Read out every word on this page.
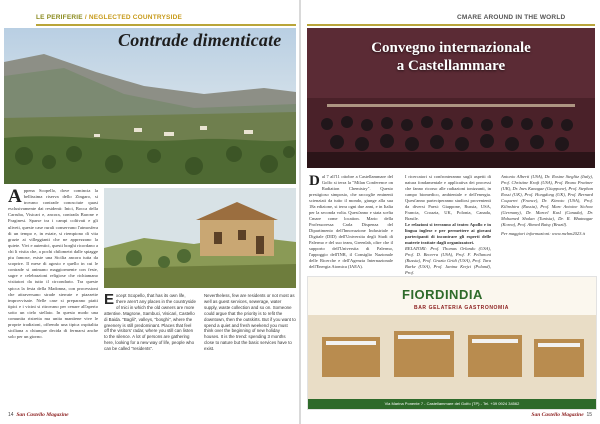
LE PERIFERIE / NEGLECTED COUNTRYSIDE
Contrade dimenticate

Appena Scopello, dove comincia la bellissima riserva dello Zingaro, si trovano contrade conosciute quasi esclusivamente dai residenti: Inici, Bocca della Carruba, Visicari e, ancora, contrada Barone e Fraginesi. Sparse tra i campi coltivati e gli uliveti, queste case rurali conservano l'atmosfera di un tempo e, in estate, si riempiono di vita grazie ai villeggianti che ne apprezzano la quiete. Vivi e autentici, questi borghi ricordano a chi li visita che, a pochi chilometri dalle spiagge piu famose, esiste una Sicilia ancora tutta da scoprire. Il mese di agosto e quello in cui le contrade si animano maggiormente con feste, sagre e celebrazioni religiose che richiamano visitatori da tutto il circondario. Tra queste spicca la festa della Madonna, con processioni che attraversano strade sterrate e piazzette improvvisate. Nelle case si preparano piatti tipici e i vicini si ritrovano per cenare all'aperto sotto un cielo stellato. In questo modo una comunita ristretta ma unita mantiene vive le proprie tradizioni, offrendo una tipica ospitalita siciliana a chiunque decida di fermarsi anche solo per un giorno.

Except Scopello, that has its own life, there aren't any places in the countryside of Inici in which the old owners are more attentive. Magrone, Sambuci, Visicari, Castello di Baida. "Baglii", valleys, "bosghi", where the greenery is still predominant. Places that feel off the visitors' radar, where you still can listen to the silence. A lot of persons are gathering here, looking for a new way of life, people who can be called "residents".

Nevertheless, few are residents or not most as well as guest services, sewerage, water supply, waste collection and so on. Someone could argue that the priority is to refit the downtown, then the outskirts. But if you want to spend a quiet and fresh weekend you must think over the beginning of new holiday houses. It is the trend: spending 3 months close to nature but the basic services have to exist.

14 San Castello Magazine
CMARE AROUND IN THE WORLD
Convegno internazionale
a Castellammare

Dal 7 all'11 ottobre a Castellammare del Golfo si terra la "Milan Conference on Radiation Chemistry". Questo prestigioso simposio, che raccoglie eminenti scienziati da tutto il mondo, giunge alla sua 18a edizione, si terra ogni due anni, e in Italia per la seconda volta. Quest'anno e stata scelta Cmare come location. Mario della Professoressa Carla Dispenza del Dipartimento dell'Innovazione Industriale e Digitale (DID) dell'Universita degli Studi di Palermo e del suo team, Greenlab, oltre che il supporto dell'Universita di Palermo, l'appoggio dell'INR, il Consiglio Nazionale delle Ricerche e dell'Agenzia Internazionale dell'Energia Atomica (IAEA).

I ricercatori si confronteranno sugli aspetti di natura fondamentale e applicativa dei processi che fanno ricorso alle radiazioni ionizzanti, in campo biomedico, ambientale e dell'energia. Quest'anno parteciperanno studiosi provenienti da diversi Paesi: Giappone, Russia, USA, Francia, Croazia, UK, Polonia, Canada, Brasile.

Le relazioni si terranno al teatro Apollo e in lingua inglese e per permettere ai giovani partecipanti di incontrare gli esperti delle materie trattate dagli organizzatori.

RELATORI: Prof. Thomas Orlando (USA), Prof. D. Becerra (USA), Prof. F. Pellanoni (Russia), Prof. Grazia Gridi (USA), Prof. Tara Burke (USA), Prof. Janina Krejci (Poland), Prof.

Antonio Alberti (USA), Dr. Rosine Steglitz (Italy), Prof. Christine Kraft (USA), Prof. Bruno Pratiner (UK), Dr. Ines Kanagae (Giappone), Prof. Stephan Rossi (UK), Prof. Hongdong (UK), Prof. Bernard Coqueret (France), Dr. Kimoto (USA), Prof. Kilinshira (Russia), Prof. Marc Antoine Sichow (Germany), Dr. Marcel Kusl (Canada), Dr. Mohamed Shalan (Tunisia), Dr. R. Bhatnagar (Korea), Prof. Ahmed Baisy (Brazil).

Per maggiori informazioni: www.mchm2023.it

FIORDINDIA
BAR GELATERIA GASTRONOMIA
Via Marina Ponente 7 - Castellammare del Golfo (TP) - Tel. +39 0924 34562
San Castello Magazine 15
